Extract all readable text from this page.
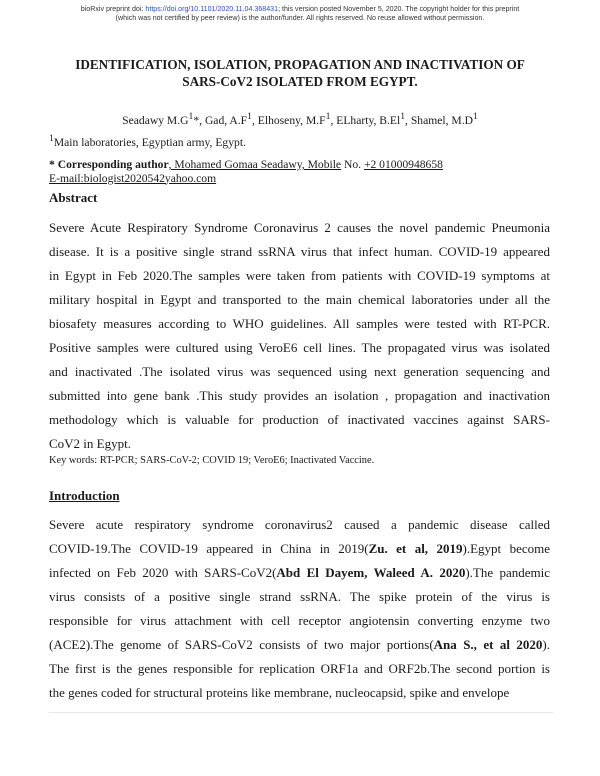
bioRxiv preprint doi: https://doi.org/10.1101/2020.11.04.368431; this version posted November 5, 2020. The copyright holder for this preprint
(which was not certified by peer review) is the author/funder. All rights reserved. No reuse allowed without permission.
IDENTIFICATION, ISOLATION, PROPAGATION AND INACTIVATION OF
SARS-CoV2 ISOLATED FROM EGYPT.
Seadawy $M.G^1*$, Gad, $A.F^1$, Elhoseny, $M.F^1$, ELharty, B.El$^1$, Shamel, $M.D^1$
$^1$Main laboratories, Egyptian army, Egypt.
* Corresponding author, Mohamed Gomaa Seadawy, Mobile No. +2 01000948658
E-mail:biologist2020542yahoo.com
Abstract
Severe Acute Respiratory Syndrome Coronavirus 2 causes the novel pandemic Pneumonia
disease. It is a positive single strand ssRNA virus that infect human. COVID-19 appeared
in Egypt in Feb 2020.The samples were taken from patients with COVID-19 symptoms at
military hospital in Egypt and transported to the main chemical laboratories under all the
biosafety measures according to WHO guidelines. All samples were tested with RT-PCR.
Positive samples were cultured using VeroE6 cell lines. The propagated virus was isolated
and inactivated .The isolated virus was sequenced using next generation sequencing and
submitted into gene bank .This study provides an isolation , propagation and inactivation
methodology which is valuable for production of inactivated vaccines against SARS-
CoV2 in Egypt.
Key words: RT-PCR; SARS-CoV-2; COVID 19; VeroE6; Inactivated Vaccine.
Introduction
Severe acute respiratory syndrome coronavirus2 caused a pandemic disease called
COVID-19.The COVID-19 appeared in China in 2019(Zu. et al, 2019).Egypt become
infected on Feb 2020 with SARS-CoV2(Abd El Dayem, Waleed A. 2020).The pandemic
virus consists of a positive single strand ssRNA. The spike protein of the virus is
responsible for virus attachment with cell receptor angiotensin converting enzyme two
(ACE2).The genome of SARS-CoV2 consists of two major portions(Ana S., et al 2020).
The first is the genes responsible for replication ORF1a and ORF2b.The second portion is
the genes coded for structural proteins like membrane, nucleocapsid, spike and envelope
